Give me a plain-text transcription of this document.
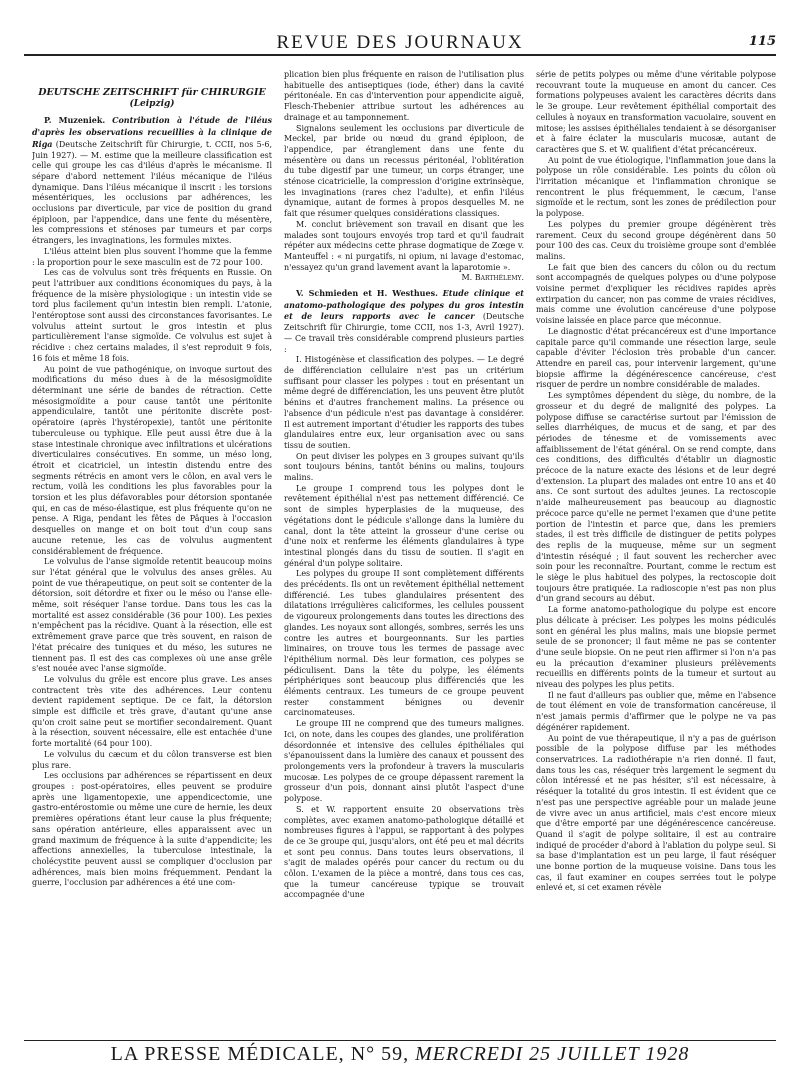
REVUE DES JOURNAUX	115
DEUTSCHE ZEITSCHRIFT für CHIRURGIE
(Leipzig)

P. Muzeniek. Contribution à l'étude de l'iléus d'après les observations recueillies à la clinique de Riga (Deutsche Zeitschrift für Chirurgie, t. CCII, nos 5-6, Juin 1927). — M. estime que la meilleure classification est celle qui groupe les cas d'iléus d'après le mécanisme. Il sépare d'abord nettement l'iléus mécanique de l'iléus dynamique. Dans l'iléus mécanique il inscrit : les torsions mésentériques, les occlusions par adhérences, les occlusions par diverticule, par vice de position du grand épiploon, par l'appendice, dans une fente du mésentère, les compressions et sténoses par tumeurs et par corps étrangers, les invaginations, les formules mixtes.

L'iléus atteint bien plus souvent l'homme que la femme : la proportion pour le sexe masculin est de 72 pour 100.

Les cas de volvulus sont très fréquents en Russie. On peut l'attribuer aux conditions économiques du pays, à la fréquence de la misère physiologique : un intestin vide se tord plus facilement qu'un intestin bien rempli. L'atonie, l'entéroptose sont aussi des circonstances favorisantes. Le volvulus atteint surtout le gros intestin et plus particulièrement l'anse sigmoïde. Ce volvulus est sujet à récidive : chez certains malades, il s'est reproduit 9 fois, 16 fois et même 18 fois.

Au point de vue pathogénique, on invoque surtout des modifications du méso dues à de la mésosigmoïdite déterminant une série de bandes de rétraction. Cette mésosigmoïdite a pour cause tantôt une péritonite appendiculaire, tantôt une péritonite discrète post-opératoire (après l'hystéropexie), tantôt une péritonite tuberculeuse ou typhique. Elle peut aussi être due à la stase intestinale chronique avec infiltrations et ulcérations diverticulaires consécutives. En somme, un méso long, étroit et cicatriciel, un intestin distendu entre des segments rétrécis en amont vers le côlon, en aval vers le rectum, voilà les conditions les plus favorables pour la torsion et les plus défavorables pour détorsion spontanée qui, en cas de méso-élastique, est plus fréquente qu'on ne pense. A Riga, pendant les fêtes de Pâques à l'occasion desquelles on mange et on boit tout d'un coup sans aucune retenue, les cas de volvulus augmentent considérablement de fréquence.

Le volvulus de l'anse sigmoïde retentit beaucoup moins sur l'état général que le volvulus des anses grêles. Au point de vue thérapeutique, on peut soit se contenter de la détorsion, soit détordre et fixer ou le méso ou l'anse elle-même, soit réséquer l'anse tordue. Dans tous les cas la mortalité est assez considérable (36 pour 100). Les pexies n'empêchent pas la récidive. Quant à la résection, elle est extrêmement grave parce que très souvent, en raison de l'état précaire des tuniques et du méso, les sutures ne tiennent pas. Il est des cas complexes où une anse grêle s'est nouée avec l'anse sigmoïde.

Le volvulus du grêle est encore plus grave. Les anses contractent très vite des adhérences. Leur contenu devient rapidement septique. De ce fait, la détorsion simple est difficile et très grave, d'autant qu'une anse qu'on croit saine peut se mortifier secondairement. Quant à la résection, souvent nécessaire, elle est entachée d'une forte mortalité (64 pour 100).

Le volvulus du cæcum et du côlon transverse est bien plus rare.

Les occlusions par adhérences se répartissent en deux groupes : post-opératoires, elles peuvent se produire après une ligamentopexie, une appendicectomie, une gastro-entérostomie ou même une cure de hernie, les deux premières opérations étant leur cause la plus fréquente; sans opération antérieure, elles apparaissent avec un grand maximum de fréquence à la suite d'appendicite; les affections annexielles, la tuberculose intestinale, la cholécystite peuvent aussi se compliquer d'occlusion par adhérences, mais bien moins fréquemment. Pendant la guerre, l'occlusion par adhérences a été une com-

plication bien plus fréquente en raison de l'utilisation plus habituelle des antiseptiques (iode, éther) dans la cavité péritonéale. En cas d'intervention pour appendicite aiguë, Flesch-Thebenier attribue surtout les adhérences au drainage et au tamponnement.

Signalons seulement les occlusions par diverticule de Meckel, par bride ou nœud du grand épiploon, de l'appendice, par étranglement dans une fente du mésentère ou dans un recessus péritonéal, l'oblitération du tube digestif par une tumeur, un corps étranger, une sténose cicatricielle, la compression d'origine extrinsèque, les invaginations (rares chez l'adulte), et enfin l'iléus dynamique, autant de formes à propos desquelles M. ne fait que résumer quelques considérations classiques.

M. conclut brièvement son travail en disant que les malades sont toujours envoyés trop tard et qu'il faudrait répéter aux médecins cette phrase dogmatique de Zœge v. Manteuffel : « ni purgatifs, ni opium, ni lavage d'estomac, n'essayez qu'un grand lavement avant la laparotomie ».

M. Barthélemy.

V. Schmieden et H. Westhues. Etude clinique et anatomo-pathologique des polypes du gros intestin et de leurs rapports avec le cancer (Deutsche Zeitschrift für Chirurgie, tome CCII, nos 1-3, Avril 1927). — Ce travail très considérable comprend plusieurs parties :

I. Histogénèse et classification des polypes. — Le degré de différenciation cellulaire n'est pas un critérium suffisant pour classer les polypes : tout en présentant un même degré de différenciation, les uns peuvent être plutôt bénins et d'autres franchement malins. La présence ou l'absence d'un pédicule n'est pas davantage à considérer. Il est autrement important d'étudier les rapports des tubes glandulaires entre eux, leur organisation avec ou sans tissu de soutien.

On peut diviser les polypes en 3 groupes suivant qu'ils sont toujours bénins, tantôt bénins ou malins, toujours malins.

Le groupe I comprend tous les polypes dont le revêtement épithélial n'est pas nettement différencié. Ce sont de simples hyperplasies de la muqueuse, des végétations dont le pédicule s'allonge dans la lumière du canal, dont la tête atteint la grosseur d'une cerise ou d'une noix et renferme les éléments glandulaires à type intestinal plongés dans du tissu de soutien. Il s'agit en général d'un polype solitaire.

Les polypes du groupe II sont complètement différents des précédents. Ils ont un revêtement épithélial nettement différencié. Les tubes glandulaires présentent des dilatations irrégulières caliciformes, les cellules poussent de vigoureux prolongements dans toutes les directions des glandes. Les noyaux sont allongés, sombres, serrés les uns contre les autres et bourgeonnants. Sur les parties liminaires, on trouve tous les termes de passage avec l'épithélium normal. Dès leur formation, ces polypes se pédiculisent. Dans la tête du polype, les éléments périphériques sont beaucoup plus différenciés que les éléments centraux. Les tumeurs de ce groupe peuvent rester constamment bénignes ou devenir carcinomateuses.

Le groupe III ne comprend que des tumeurs malignes. Ici, on note, dans les coupes des glandes, une prolifération désordonnée et intensive des cellules épithéliales qui s'épanouissent dans la lumière des canaux et poussent des prolongements vers la profondeur à travers la muscularis mucosæ. Les polypes de ce groupe dépassent rarement la grosseur d'un pois, donnant ainsi plutôt l'aspect d'une polypose.

S. et W. rapportent ensuite 20 observations très complètes, avec examen anatomo-pathologique détaillé et nombreuses figures à l'appui, se rapportant à des polypes de ce 3e groupe qui, jusqu'alors, ont été peu et mal décrits et sont peu connus. Dans toutes leurs observations, il s'agit de malades opérés pour cancer du rectum ou du côlon. L'examen de la pièce a montré, dans tous ces cas, que la tumeur cancéreuse typique se trouvait accompagnée d'une

série de petits polypes ou même d'une véritable polypose recouvrant toute la muqueuse en amont du cancer. Ces formations polypeuses avaient les caractères décrits dans le 3e groupe. Leur revêtement épithélial comportait des cellules à noyaux en transformation vacuolaire, souvent en mitose; les assises épithéliales tendaient à se désorganiser et à faire éclater la muscularis mucosæ, autant de caractères que S. et W. qualifient d'état précancéreux.

Au point de vue étiologique, l'inflammation joue dans la polypose un rôle considérable. Les points du côlon où l'irritation mécanique et l'inflammation chronique se rencontrent le plus fréquemment, le cæcum, l'anse sigmoïde et le rectum, sont les zones de prédilection pour la polypose.

Les polypes du premier groupe dégénèrent très rarement. Ceux du second groupe dégénèrent dans 50 pour 100 des cas. Ceux du troisième groupe sont d'emblée malins.

Le fait que bien des cancers du côlon ou du rectum sont accompagnés de quelques polypes ou d'une polypose voisine permet d'expliquer les récidives rapides après extirpation du cancer, non pas comme de vraies récidives, mais comme une évolution cancéreuse d'une polypose voisine laissée en place parce que méconnue.

Le diagnostic d'état précancéreux est d'une importance capitale parce qu'il commande une résection large, seule capable d'éviter l'éclosion très probable d'un cancer. Attendre en pareil cas, pour intervenir largement, qu'une biopsie affirme la dégénérescence cancéreuse, c'est risquer de perdre un nombre considérable de malades.

Les symptômes dépendent du siège, du nombre, de la grosseur et du degré de malignité des polypes. La polypose diffuse se caractérise surtout par l'émission de selles diarrhéiques, de mucus et de sang, et par des périodes de ténesme et de vomissements avec affaiblissement de l'état général. On se rend compte, dans ces conditions, des difficultés d'établir un diagnostic précoce de la nature exacte des lésions et de leur degré d'extension. La plupart des malades ont entre 10 ans et 40 ans. Ce sont surtout des adultes jeunes. La rectoscopie n'aide malheureusement pas beaucoup au diagnostic précoce parce qu'elle ne permet l'examen que d'une petite portion de l'intestin et parce que, dans les premiers stades, il est très difficile de distinguer de petits polypes des replis de la muqueuse, même sur un segment d'intestin réséqué ; il faut souvent les rechercher avec soin pour les reconnaître. Pourtant, comme le rectum est le siège le plus habituel des polypes, la rectoscopie doit toujours être pratiquée. La radioscopie n'est pas non plus d'un grand secours au début.

La forme anatomo-pathologique du polype est encore plus délicate à préciser. Les polypes les moins pédiculés sont en général les plus malins, mais une biopsie permet seule de se prononcer; il faut même ne pas se contenter d'une seule biopsie. On ne peut rien affirmer si l'on n'a pas eu la précaution d'examiner plusieurs prélèvements recueillis en différents points de la tumeur et surtout au niveau des polypes les plus petits.

Il ne faut d'ailleurs pas oublier que, même en l'absence de tout élément en voie de transformation cancéreuse, il n'est jamais permis d'affirmer que le polype ne va pas dégénérer rapidement.

Au point de vue thérapeutique, il n'y a pas de guérison possible de la polypose diffuse par les méthodes conservatrices. La radiothérapie n'a rien donné. Il faut, dans tous les cas, réséquer très largement le segment du côlon intéressé et ne pas hésiter, s'il est nécessaire, à réséquer la totalité du gros intestin. Il est évident que ce n'est pas une perspective agréable pour un malade jeune de vivre avec un anus artificiel, mais c'est encore mieux que d'être emporté par une dégénérescence cancéreuse. Quand il s'agit de polype solitaire, il est au contraire indiqué de procéder d'abord à l'ablation du polype seul. Si sa base d'implantation est un peu large, il faut réséquer une bonne portion de la muqueuse voisine. Dans tous les cas, il faut examiner en coupes serrées tout le polype enlevé et, si cet examen révèle

LA PRESSE MÉDICALE, N° 59, MERCREDI 25 JUILLET 1928
